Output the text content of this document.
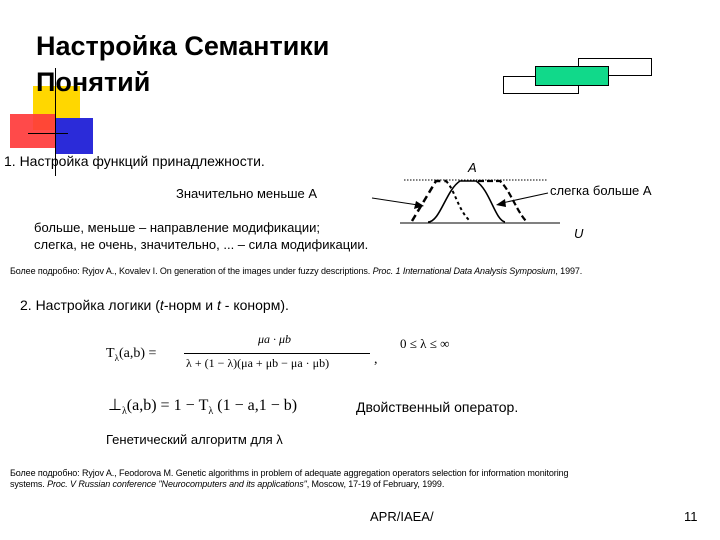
Настройка Семантики
Понятий
1. Настройка функций принадлежности.	A
Значительно меньше А	слегка больше А
U
больше, меньше – направление модификации;
слегка, не очень, значительно, ... – сила модификации.
Более подробно: Ryjov A., Kovalev I. On generation of the images under fuzzy descriptions. Proc. 1 International Data Analysis Symposium, 1997.
2. Настройка логики (t-норм и t - конорм).
$T_\lambda(a,b)$ =
μa · μb
λ + (1 − λ)(μa + μb − μa · μb)	,
0 ≤ λ ≤ ∞
$\perp_\lambda(a,b) = 1 - T_\lambda$ (1 − a,1 − b)	Двойственный оператор.
Генетический алгоритм для λ
Более подробно: Ryjov A., Feodorova M. Genetic algorithms in problem of adequate aggregation operators selection for information monitoring
systems. Proc. V Russian conference "Neurocomputers and its applications", Moscow, 17-19 of February, 1999.
APR/IAEA/	11
